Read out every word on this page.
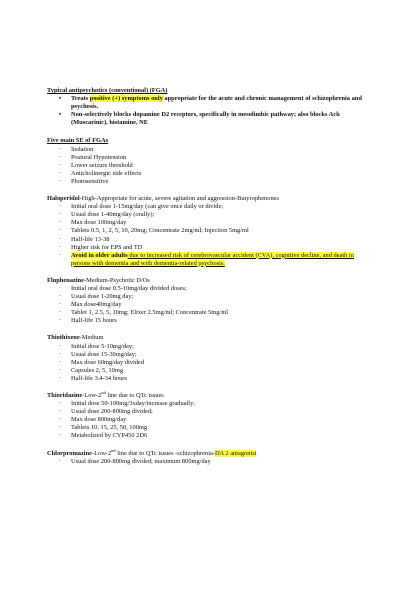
Typical antipsychotics (conventional) (FGA)
• Treats positive (+) symptoms only appropriate for the acute and chronic management of schizophrenia and psychosis.
• Non-selectively blocks dopamine D2 receptors, specifically in mesolimbic pathway; also blocks Ach (Muscarinic), histamine, NE
Five main SE of FGAs
- Sedation
- Postural Hypotension
- Lower seizure threshold
- Anticholinergic side effects
- Photosensitive
Haloperidol-High-Appropriate for acute, severe agitation and aggression-Butyrophenones
- Initial oral dose 1-15mg/day (can give once daily or divide;
- Usual dose 1-40mg/day (orally);
- Max dose 100mg/day
- Tablets 0.5, 1, 2, 5, 10, 20mg; Concentrate 2mg/ml; Injection 5mg/ml
- Half-life 13-38
- Higher risk for EPS and TD
- Avoid in older adults due to increased risk of cerebrovascular accident (CVA), cognitive decline, and death in persons with dementia and with dementia-related psychosis.
Fluphenazine-Medium-Psychotic D/Os
- Initial oral dose 0.5-10mg/day divided doses;
- Usual dose 1-20mg day;
- Max dose40mg/day
- Tablet 1, 2.5, 5, 10mg; Elixer 2.5mg/ml; Concentrate 5mg/ml
- Half-life 15 hours
Thiothixene-Medium
- Initial dose 5-10mg/day;
- Usual dose 15-30mg/day;
- Max dose 60mg/day divided
- Capsules 2, 5, 10mg
- Half-life 3.4-34 hours
Thioridazine-Low-2nd line due to QTc issues
- Initial dose 50-100mg/3xday/increase gradually;
- Usual dose 200-800mg divided;
- Max dose 800mg/day
- Tablets 10, 15, 25, 50, 100mg
- Metabolized by CYP450 2D6
Chlorpromazine-Low-2nd line due to QTc issues -schizophrenia-DA 2 antagonist
- Usual dose 200-800mg divided; maximum 800mg/day
